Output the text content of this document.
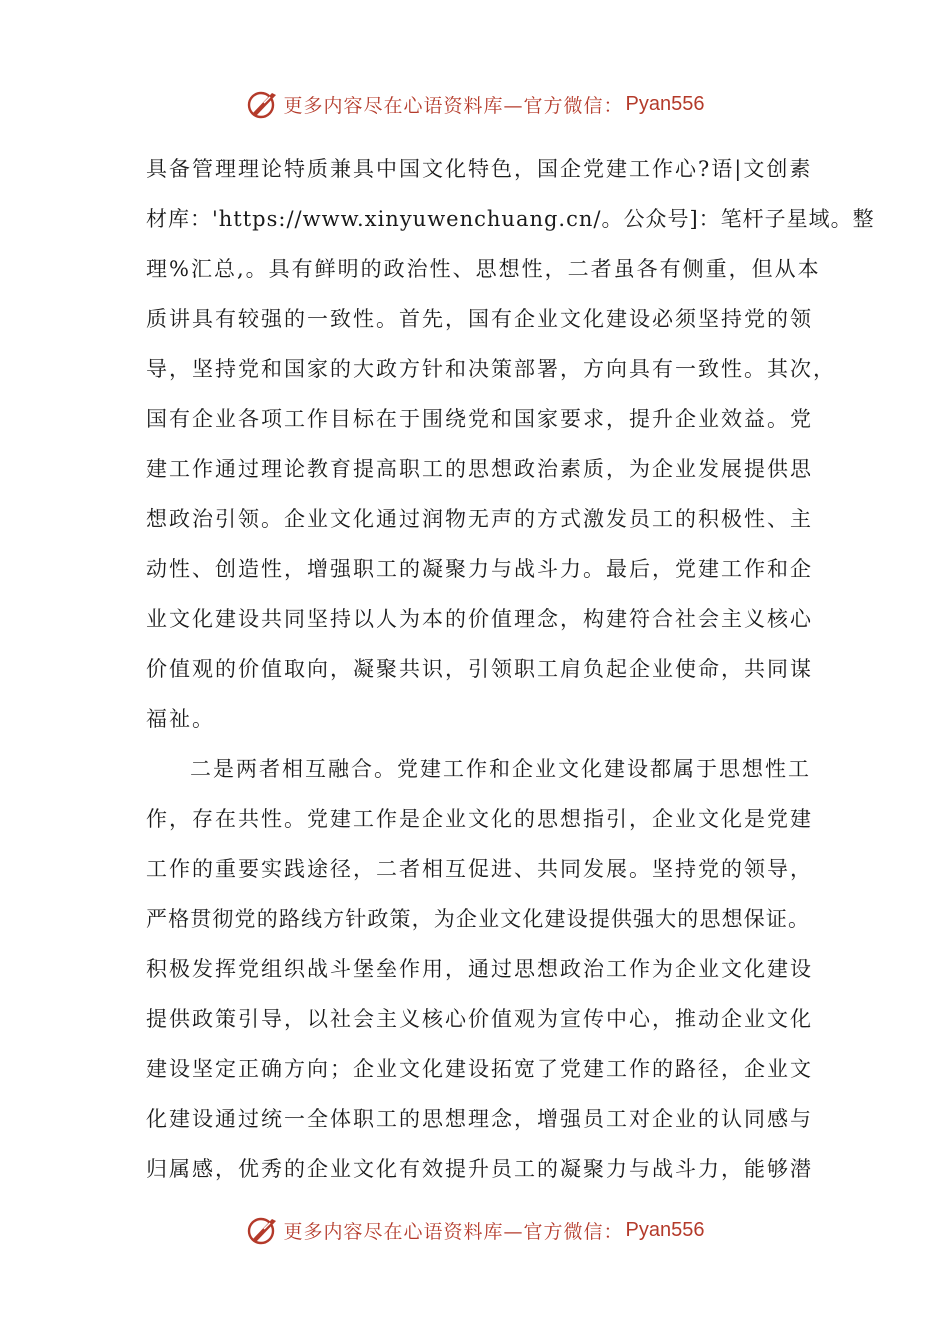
更多内容尽在心语资料库—官方微信： Pyan556

具备管理理论特质兼具中国文化特色，国企党建工作心?语|文创素
材库：'https://www.xinyuwenchuang.cn/。公众号]：笔杆子星域。整
理%汇总,。具有鲜明的政治性、思想性，二者虽各有侧重，但从本
质讲具有较强的一致性。首先，国有企业文化建设必须坚持党的领
导，坚持党和国家的大政方针和决策部署，方向具有一致性。其次，
国有企业各项工作目标在于围绕党和国家要求，提升企业效益。党
建工作通过理论教育提高职工的思想政治素质，为企业发展提供思
想政治引领。企业文化通过润物无声的方式激发员工的积极性、主
动性、创造性，增强职工的凝聚力与战斗力。最后，党建工作和企
业文化建设共同坚持以人为本的价值理念，构建符合社会主义核心
价值观的价值取向，凝聚共识，引领职工肩负起企业使命，共同谋
福祉。

二是两者相互融合。党建工作和企业文化建设都属于思想性工
作，存在共性。党建工作是企业文化的思想指引，企业文化是党建
工作的重要实践途径，二者相互促进、共同发展。坚持党的领导，
严格贯彻党的路线方针政策，为企业文化建设提供强大的思想保证。
积极发挥党组织战斗堡垒作用，通过思想政治工作为企业文化建设
提供政策引导，以社会主义核心价值观为宣传中心，推动企业文化
建设坚定正确方向；企业文化建设拓宽了党建工作的路径，企业文
化建设通过统一全体职工的思想理念，增强员工对企业的认同感与
归属感，优秀的企业文化有效提升员工的凝聚力与战斗力，能够潜

更多内容尽在心语资料库—官方微信： Pyan556
